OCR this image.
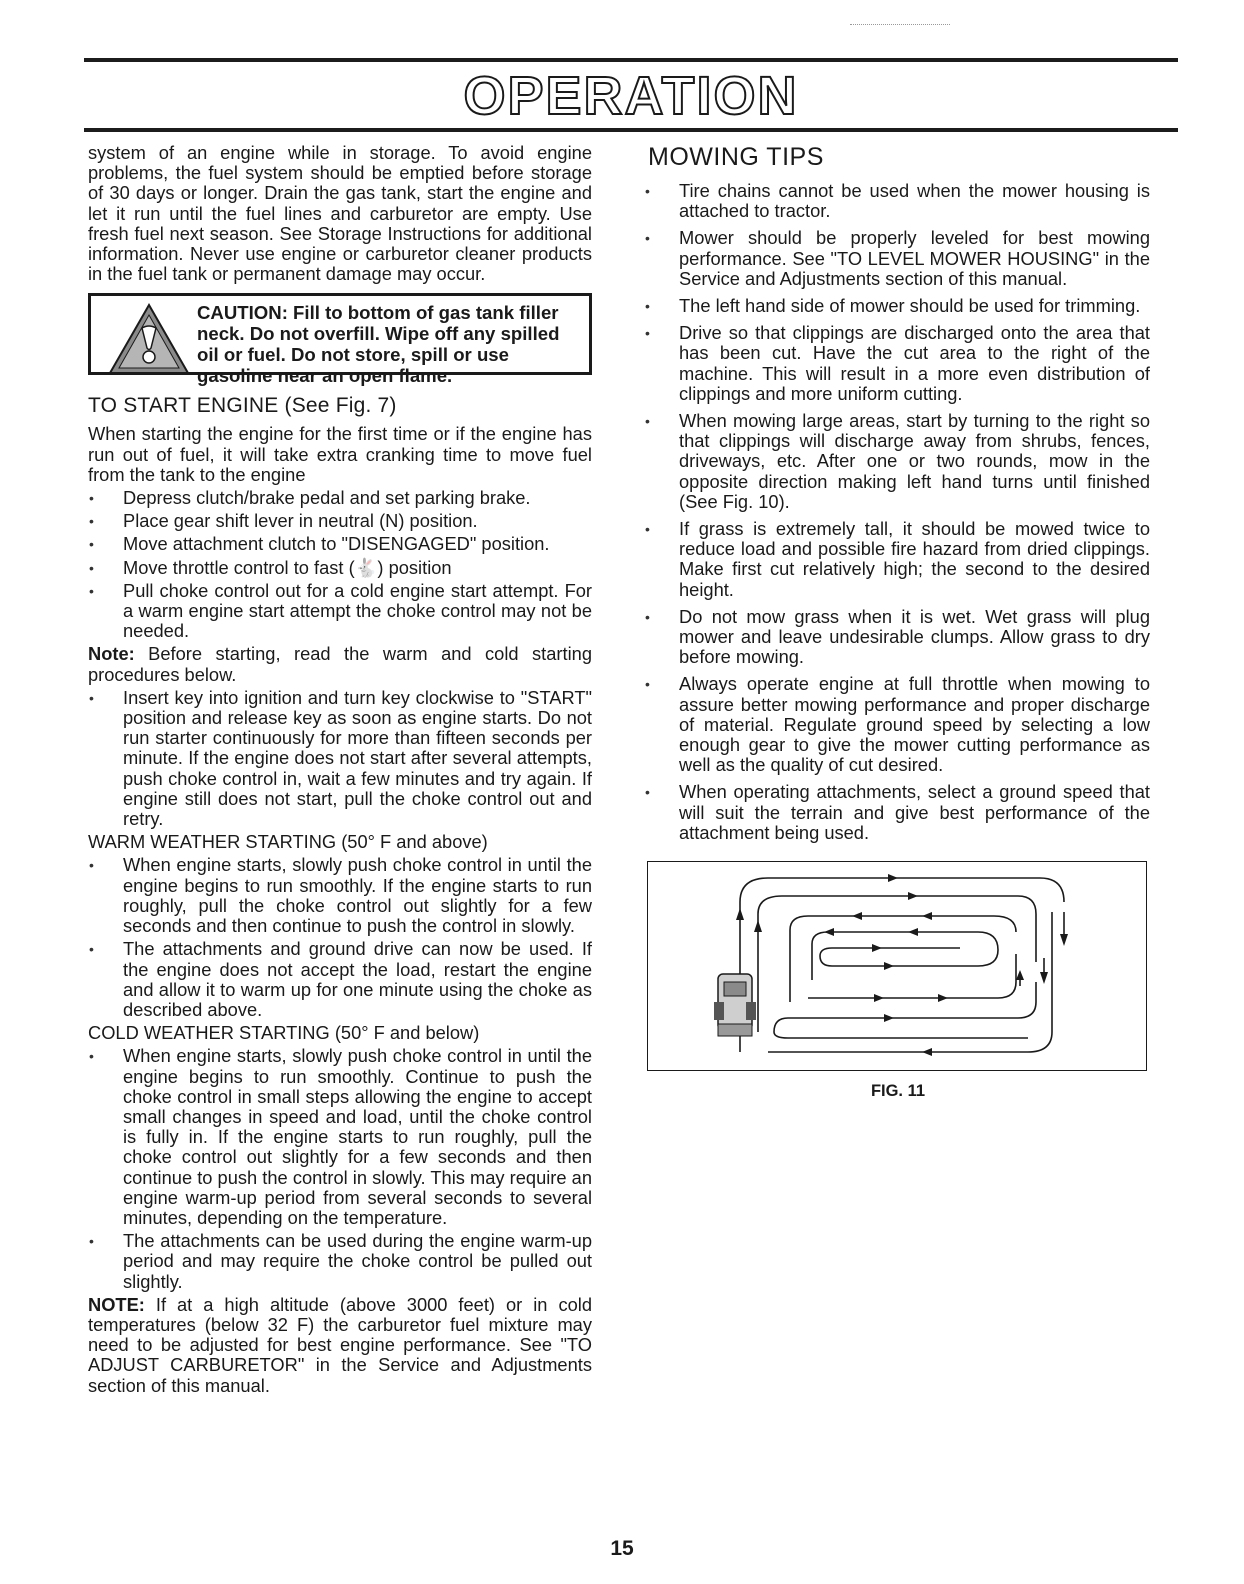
OPERATION

system of an engine while in storage. To avoid engine problems, the fuel system should be emptied before storage of 30 days or longer. Drain the gas tank, start the engine and let it run until the fuel lines and carburetor are empty. Use fresh fuel next season. See Storage Instructions for additional information. Never use engine or carburetor cleaner products in the fuel tank or permanent damage may occur.

CAUTION: Fill to bottom of gas tank filler neck. Do not overfill. Wipe off any spilled oil or fuel. Do not store, spill or use gasoline near an open flame.
TO START ENGINE (See Fig. 7)

When starting the engine for the first time or if the engine has run out of fuel, it will take extra cranking time to move fuel from the tank to the engine

• Depress clutch/brake pedal and set parking brake.
• Place gear shift lever in neutral (N) position.
• Move attachment clutch to "DISENGAGED" position.
• Move throttle control to fast (🐇) position
• Pull choke control out for a cold engine start attempt. For a warm engine start attempt the choke control may not be needed.

Note: Before starting, read the warm and cold starting procedures below.

• Insert key into ignition and turn key clockwise to "START" position and release key as soon as engine starts. Do not run starter continuously for more than fifteen seconds per minute. If the engine does not start after several attempts, push choke control in, wait a few minutes and try again. If engine still does not start, pull the choke control out and retry.

WARM WEATHER STARTING (50° F and above)

• When engine starts, slowly push choke control in until the engine begins to run smoothly. If the engine starts to run roughly, pull the choke control out slightly for a few seconds and then continue to push the control in slowly.
• The attachments and ground drive can now be used. If the engine does not accept the load, restart the engine and allow it to warm up for one minute using the choke as described above.

COLD WEATHER STARTING (50° F and below)

• When engine starts, slowly push choke control in until the engine begins to run smoothly. Continue to push the choke control in small steps allowing the engine to accept small changes in speed and load, until the choke control is fully in. If the engine starts to run roughly, pull the choke control out slightly for a few seconds and then continue to push the control in slowly. This may require an engine warm-up period from several seconds to several minutes, depending on the temperature.
• The attachments can be used during the engine warm-up period and may require the choke control be pulled out slightly.

NOTE: If at a high altitude (above 3000 feet) or in cold temperatures (below 32 F) the carburetor fuel mixture may need to be adjusted for best engine performance. See "TO ADJUST CARBURETOR" in the Service and Adjustments section of this manual.

MOWING TIPS
• Tire chains cannot be used when the mower housing is attached to tractor.
• Mower should be properly leveled for best mowing performance. See "TO LEVEL MOWER HOUSING" in the Service and Adjustments section of this manual.
• The left hand side of mower should be used for trimming.
• Drive so that clippings are discharged onto the area that has been cut. Have the cut area to the right of the machine. This will result in a more even distribution of clippings and more uniform cutting.
• When mowing large areas, start by turning to the right so that clippings will discharge away from shrubs, fences, driveways, etc. After one or two rounds, mow in the opposite direction making left hand turns until finished (See Fig. 10).
• If grass is extremely tall, it should be mowed twice to reduce load and possible fire hazard from dried clippings. Make first cut relatively high; the second to the desired height.
• Do not mow grass when it is wet. Wet grass will plug mower and leave undesirable clumps. Allow grass to dry before mowing.
• Always operate engine at full throttle when mowing to assure better mowing performance and proper discharge of material. Regulate ground speed by selecting a low enough gear to give the mower cutting performance as well as the quality of cut desired.
• When operating attachments, select a ground speed that will suit the terrain and give best performance of the attachment being used.
FIG. 11
15
